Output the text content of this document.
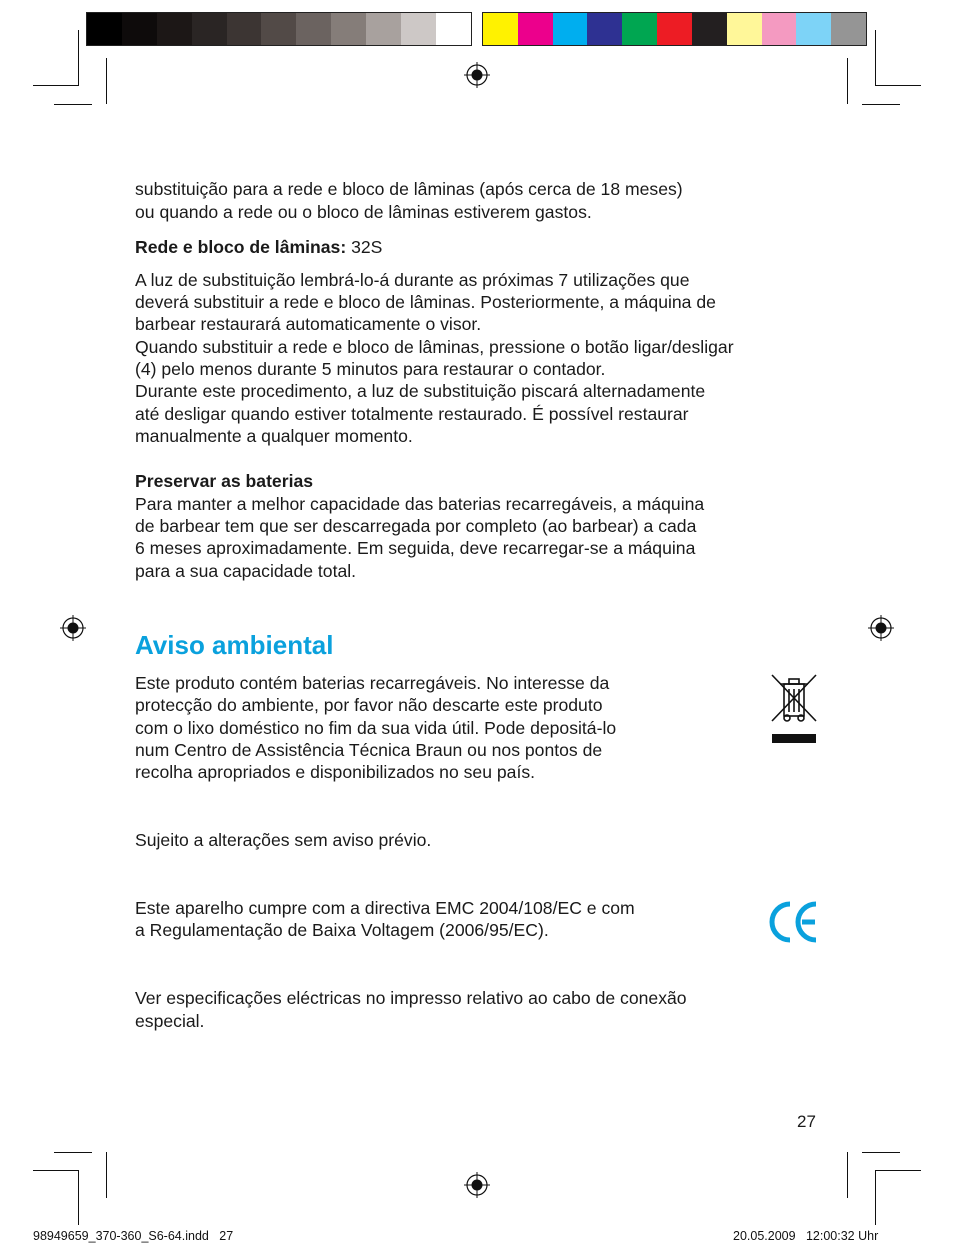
substituição para a rede e bloco de lâminas (após cerca de 18 meses)
ou quando a rede ou o bloco de lâminas estiverem gastos.
Rede e bloco de lâminas: 32S
A luz de substituição lembrá-lo-á durante as próximas 7 utilizações que
deverá substituir a rede e bloco de lâminas. Posteriormente, a máquina de
barbear restaurará automaticamente o visor.
Quando substituir a rede e bloco de lâminas, pressione o botão ligar/desligar
(4) pelo menos durante 5 minutos para restaurar o contador.
Durante este procedimento, a luz de substituição piscará alternadamente
até desligar quando estiver totalmente restaurado. É possível restaurar
manualmente a qualquer momento.
Preservar as baterias
Para manter a melhor capacidade das baterias recarregáveis, a máquina
de barbear tem que ser descarregada por completo (ao barbear) a cada
6 meses aproximadamente. Em seguida, deve recarregar-se a máquina
para a sua capacidade total.
Aviso ambiental
Este produto contém baterias recarregáveis. No interesse da
protecção do ambiente, por favor não descarte este produto
com o lixo doméstico no fim da sua vida útil. Pode depositá-lo
num Centro de Assistência Técnica Braun ou nos pontos de
recolha apropriados e disponibilizados no seu país.
Sujeito a alterações sem aviso prévio.
Este aparelho cumpre com a directiva EMC 2004/108/EC e com
a Regulamentação de Baixa Voltagem (2006/95/EC).
Ver especificações eléctricas no impresso relativo ao cabo de conexão
especial.
27
98949659_370-360_S6-64.indd   27	20.05.2009   12:00:32 Uhr
